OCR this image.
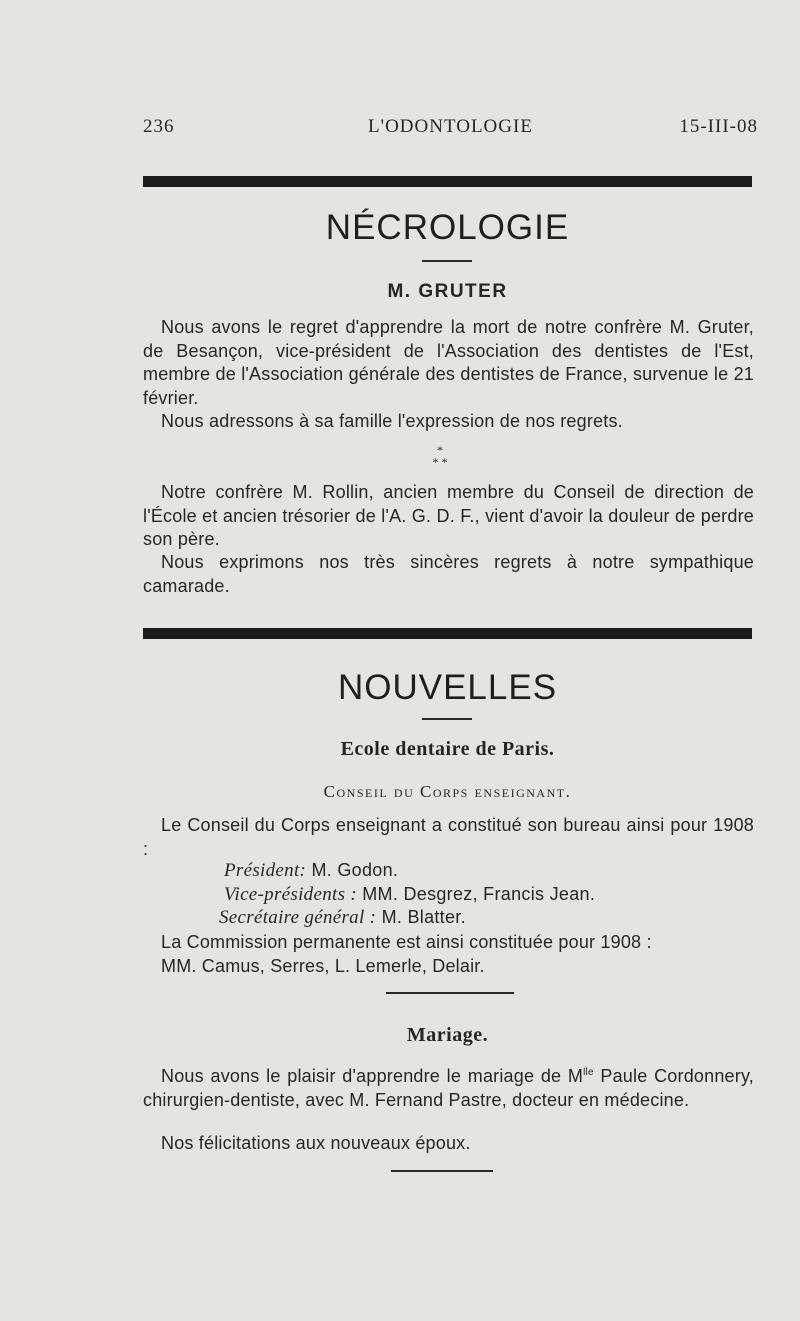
236	L'ODONTOLOGIE	15-III-08
NÉCROLOGIE
M. GRUTER
Nous avons le regret d'apprendre la mort de notre confrère M. Gruter, de Besançon, vice-président de l'Association des dentistes de l'Est, membre de l'Association générale des dentistes de France, survenue le 21 février.
Nous adressons à sa famille l'expression de nos regrets.
*
* *
Notre confrère M. Rollin, ancien membre du Conseil de direction de l'École et ancien trésorier de l'A. G. D. F., vient d'avoir la douleur de perdre son père.
Nous exprimons nos très sincères regrets à notre sympathique camarade.
NOUVELLES
Ecole dentaire de Paris.
Conseil du Corps enseignant.
Le Conseil du Corps enseignant a constitué son bureau ainsi pour 1908 :
Président: M. Godon.
Vice-présidents : MM. Desgrez, Francis Jean.
Secrétaire général : M. Blatter.
La Commission permanente est ainsi constituée pour 1908 :
MM. Camus, Serres, L. Lemerle, Delair.
Mariage.
Nous avons le plaisir d'apprendre le mariage de $M^{lle}$ Paule Cordonnery, chirurgien-dentiste, avec M. Fernand Pastre, docteur en médecine.
Nos félicitations aux nouveaux époux.
